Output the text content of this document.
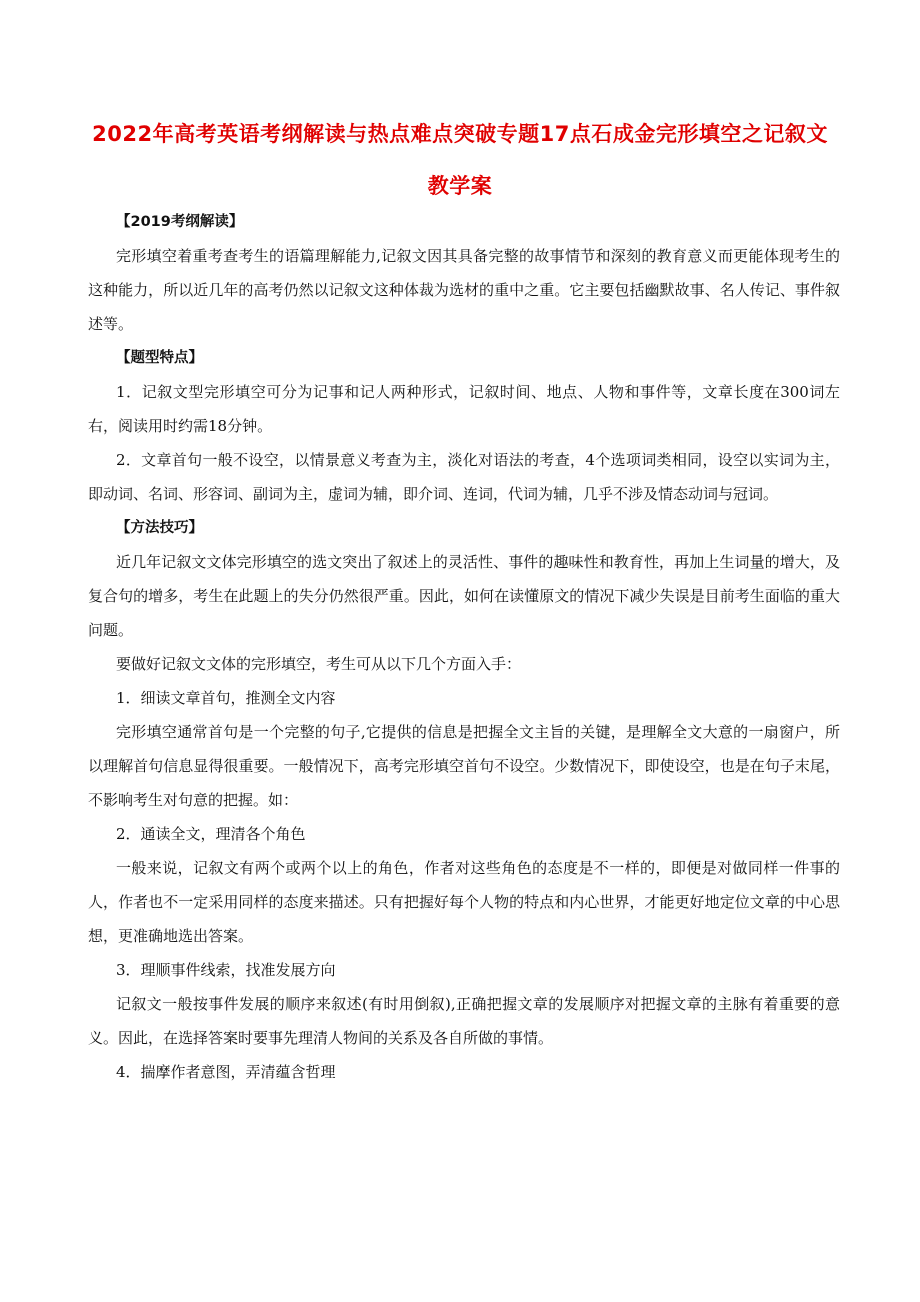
2022年高考英语考纲解读与热点难点突破专题17点石成金完形填空之记叙文
教学案

【2019考纲解读】

完形填空着重考查考生的语篇理解能力,记叙文因其具备完整的故事情节和深刻的教育意义而更能体现考生的这种能力，所以近几年的高考仍然以记叙文这种体裁为选材的重中之重。它主要包括幽默故事、名人传记、事件叙述等。

【题型特点】

1．记叙文型完形填空可分为记事和记人两种形式，记叙时间、地点、人物和事件等，文章长度在300词左右，阅读用时约需18分钟。

2．文章首句一般不设空，以情景意义考查为主，淡化对语法的考查，4个选项词类相同，设空以实词为主，即动词、名词、形容词、副词为主，虚词为辅，即介词、连词，代词为辅，几乎不涉及情态动词与冠词。

【方法技巧】

近几年记叙文文体完形填空的选文突出了叙述上的灵活性、事件的趣味性和教育性，再加上生词量的增大，及复合句的增多，考生在此题上的失分仍然很严重。因此，如何在读懂原文的情况下减少失误是目前考生面临的重大问题。

要做好记叙文文体的完形填空，考生可从以下几个方面入手：

1．细读文章首句，推测全文内容

完形填空通常首句是一个完整的句子,它提供的信息是把握全文主旨的关键，是理解全文大意的一扇窗户，所以理解首句信息显得很重要。一般情况下，高考完形填空首句不设空。少数情况下，即使设空，也是在句子末尾，不影响考生对句意的把握。如：

2．通读全文，理清各个角色

一般来说，记叙文有两个或两个以上的角色，作者对这些角色的态度是不一样的，即便是对做同样一件事的人，作者也不一定采用同样的态度来描述。只有把握好每个人物的特点和内心世界，才能更好地定位文章的中心思想，更准确地选出答案。

3．理顺事件线索，找准发展方向

记叙文一般按事件发展的顺序来叙述(有时用倒叙),正确把握文章的发展顺序对把握文章的主脉有着重要的意义。因此，在选择答案时要事先理清人物间的关系及各自所做的事情。

4．揣摩作者意图，弄清蕴含哲理
